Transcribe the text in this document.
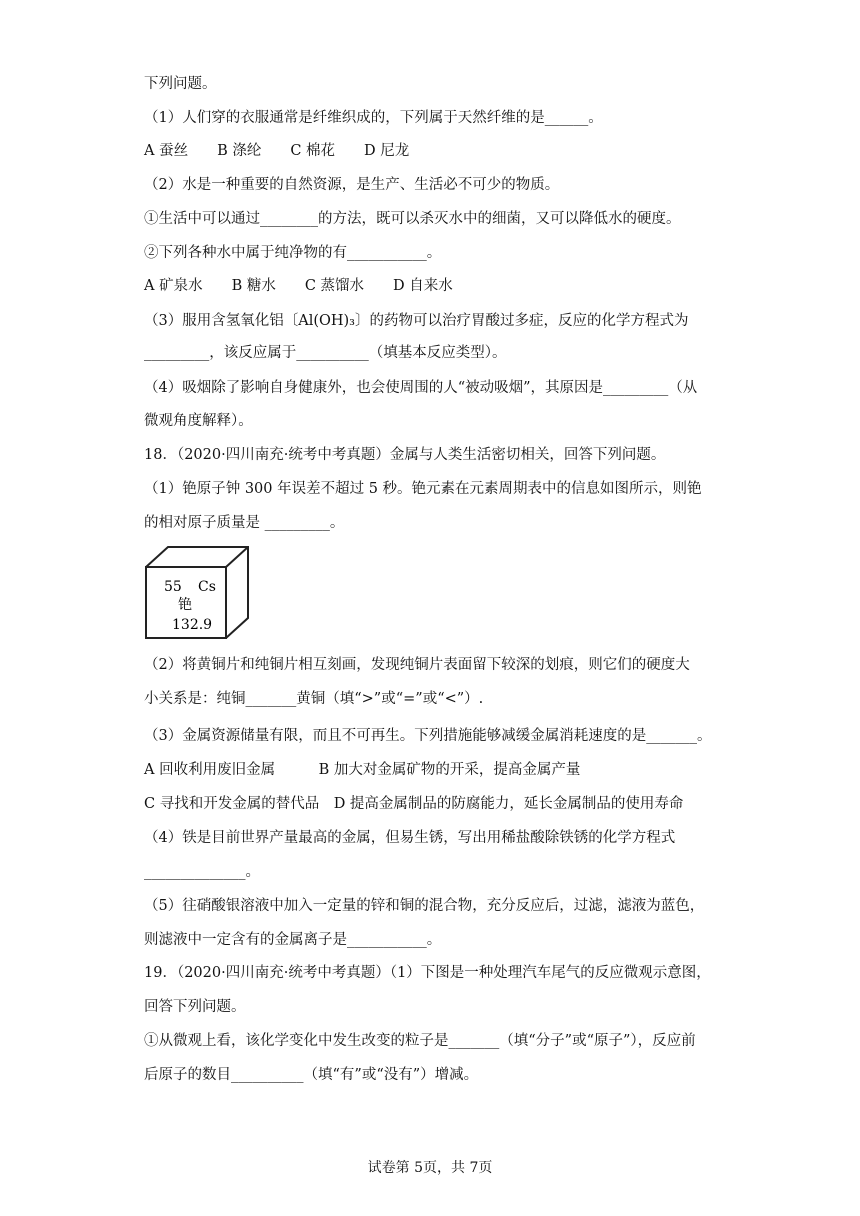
下列问题。
（1）人们穿的衣服通常是纤维织成的，下列属于天然纤维的是______。
A 蚕丝　　B 涤纶　　C 棉花　　D 尼龙
（2）水是一种重要的自然资源，是生产、生活必不可少的物质。
①生活中可以通过________的方法，既可以杀灭水中的细菌，又可以降低水的硬度。
②下列各种水中属于纯净物的有___________。
A 矿泉水　　B 糖水　　C 蒸馏水　　D 自来水
（3）服用含氢氧化铝〔Al(OH)₃〕的药物可以治疗胃酸过多症，反应的化学方程式为
_________，该反应属于__________（填基本反应类型）。
（4）吸烟除了影响自身健康外，也会使周围的人“被动吸烟”，其原因是_________（从
微观角度解释）。
18．（2020·四川南充·统考中考真题）金属与人类生活密切相关，回答下列问题。
（1）铯原子钟 300 年误差不超过 5 秒。铯元素在元素周期表中的信息如图所示，则铯
的相对原子质量是 _________。
55 Cs
铯
132.9
（2）将黄铜片和纯铜片相互刻画，发现纯铜片表面留下较深的划痕，则它们的硬度大
小关系是：纯铜_______黄铜（填“>”或“=”或“<”）.
（3）金属资源储量有限，而且不可再生。下列措施能够减缓金属消耗速度的是_______。
A 回收利用废旧金属　　　B 加大对金属矿物的开采，提高金属产量
C 寻找和开发金属的替代品　D 提高金属制品的防腐能力，延长金属制品的使用寿命
（4）铁是目前世界产量最高的金属，但易生锈，写出用稀盐酸除铁锈的化学方程式
______________。
（5）往硝酸银溶液中加入一定量的锌和铜的混合物，充分反应后，过滤，滤液为蓝色，
则滤液中一定含有的金属离子是___________。
19．（2020·四川南充·统考中考真题）（1）下图是一种处理汽车尾气的反应微观示意图，
回答下列问题。
①从微观上看，该化学变化中发生改变的粒子是_______（填“分子”或“原子”），反应前
后原子的数目__________（填“有”或“没有”）增减。
试卷第 5页，共 7页
